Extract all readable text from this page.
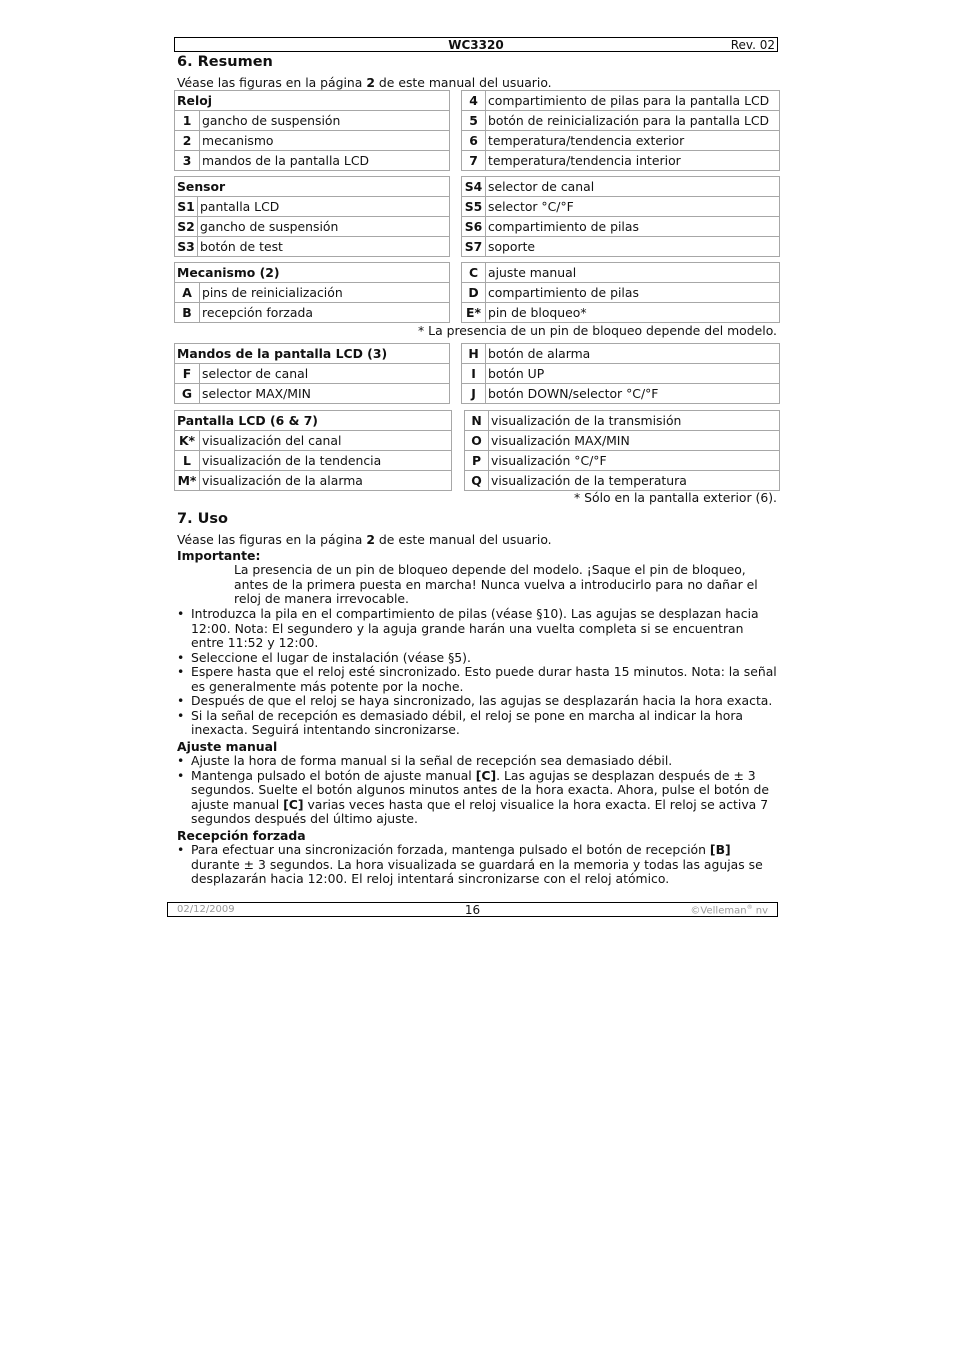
WC3320	Rev. 02
6. Resumen
Véase las figuras en la página 2 de este manual del usuario.
Reloj	
1	gancho de suspensión
2	mecanismo
3	mandos de la pantalla LCD
4	compartimiento de pilas para la pantalla LCD
5	botón de reinicialización para la pantalla LCD
6	temperatura/tendencia exterior
7	temperatura/tendencia interior
Sensor	
S1	pantalla LCD
S2	gancho de suspensión
S3	botón de test
S4	selector de canal
S5	selector °C/°F
S6	compartimiento de pilas
S7	soporte
Mecanismo (2)	
A	pins de reinicialización
B	recepción forzada
C	ajuste manual
D	compartimiento de pilas
E*	pin de bloqueo*
* La presencia de un pin de bloqueo depende del modelo.
Mandos de la pantalla LCD (3)	
F	selector de canal
G	selector MAX/MIN
H	botón de alarma
I	botón UP
J	botón DOWN/selector °C/°F
Pantalla LCD (6 & 7)	
K*	visualización del canal
L	visualización de la tendencia
M*	visualización de la alarma
N	visualización de la transmisión
O	visualización MAX/MIN
P	visualización °C/°F
Q	visualización de la temperatura
* Sólo en la pantalla exterior (6).
7. Uso
Véase las figuras en la página 2 de este manual del usuario.
Importante:
La presencia de un pin de bloqueo depende del modelo. ¡Saque el pin de bloqueo, antes de la primera puesta en marcha! Nunca vuelva a introducirlo para no dañar el reloj de manera irrevocable.
• Introduzca la pila en el compartimiento de pilas (véase §10). Las agujas se desplazan hacia 12:00. Nota: El segundero y la aguja grande harán una vuelta completa si se encuentran entre 11:52 y 12:00.
• Seleccione el lugar de instalación (véase §5).
• Espere hasta que el reloj esté sincronizado. Esto puede durar hasta 15 minutos. Nota: la señal es generalmente más potente por la noche.
• Después de que el reloj se haya sincronizado, las agujas se desplazarán hacia la hora exacta.
• Si la señal de recepción es demasiado débil, el reloj se pone en marcha al indicar la hora inexacta. Seguirá intentando sincronizarse.
Ajuste manual
• Ajuste la hora de forma manual si la señal de recepción sea demasiado débil.
• Mantenga pulsado el botón de ajuste manual [C]. Las agujas se desplazan después de ± 3 segundos. Suelte el botón algunos minutos antes de la hora exacta. Ahora, pulse el botón de ajuste manual [C] varias veces hasta que el reloj visualice la hora exacta. El reloj se activa 7 segundos después del último ajuste.
Recepción forzada
• Para efectuar una sincronización forzada, mantenga pulsado el botón de recepción [B] durante ± 3 segundos. La hora visualizada se guardará en la memoria y todas las agujas se desplazarán hacia 12:00. El reloj intentará sincronizarse con el reloj atómico.
02/12/2009	16	©Velleman® nv
